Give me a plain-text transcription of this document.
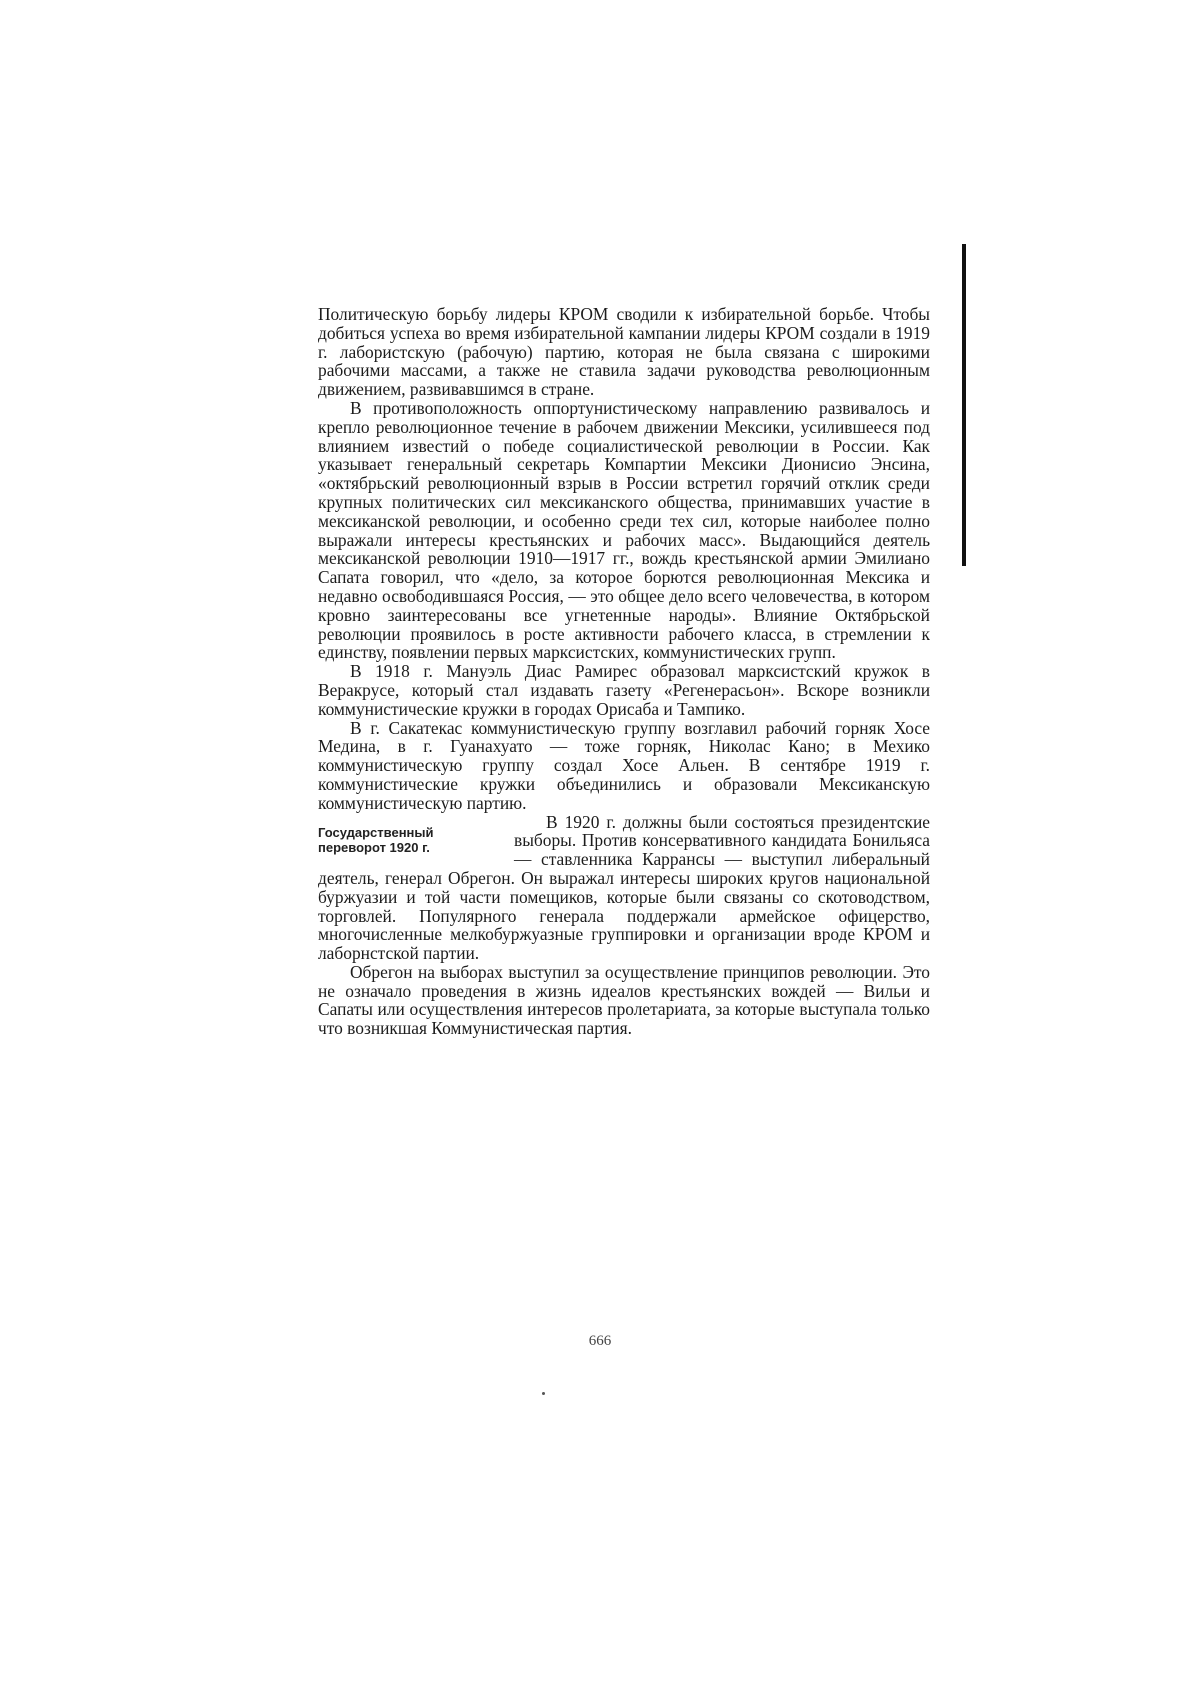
Политическую борьбу лидеры КРОМ сводили к избирательной борьбе. Чтобы добиться успеха во время избирательной кампании лидеры КРОМ создали в 1919 г. лабористскую (рабочую) партию, которая не была связана с широкими рабочими массами, а также не ставила задачи руководства революционным движением, развивавшимся в стране.

В противоположность оппортунистическому направлению развивалось и крепло революционное течение в рабочем движении Мексики, усилившееся под влиянием известий о победе социалистической революции в России. Как указывает генеральный секретарь Компартии Мексики Дионисио Энсина, «октябрьский революционный взрыв в России встретил горячий отклик среди крупных политических сил мексиканского общества, принимавших участие в мексиканской революции, и особенно среди тех сил, которые наиболее полно выражали интересы крестьянских и рабочих масс». Выдающийся деятель мексиканской революции 1910—1917 гг., вождь крестьянской армии Эмилиано Сапата говорил, что «дело, за которое борются революционная Мексика и недавно освободившаяся Россия, — это общее дело всего человечества, в котором кровно заинтересованы все угнетенные народы». Влияние Октябрьской революции проявилось в росте активности рабочего класса, в стремлении к единству, появлении первых марксистских, коммунистических групп.

В 1918 г. Мануэль Диас Рамирес образовал марксистский кружок в Веракрусе, который стал издавать газету «Регенерасьон». Вскоре возникли коммунистические кружки в городах Орисаба и Тампико.

В г. Сакатекас коммунистическую группу возглавил рабочий горняк Хосе Медина, в г. Гуанахуато — тоже горняк, Николас Кано; в Мехико коммунистическую группу создал Хосе Альен. В сентябре 1919 г. коммунистические кружки объединились и образовали Мексиканскую коммунистическую партию.

Государственный
переворот 1920 г.

В 1920 г. должны были состояться президентские выборы. Против консервативного кандидата Бонильяса — ставленника Каррансы — выступил либеральный деятель, генерал Обрегон. Он выражал интересы широких кругов национальной буржуазии и той части помещиков, которые были связаны со скотоводством, торговлей. Популярного генерала поддержали армейское офицерство, многочисленные мелкобуржуазные группировки и организации вроде КРОМ и лаборнстской партии.

Обрегон на выборах выступил за осуществление принципов революции. Это не означало проведения в жизнь идеалов крестьянских вождей — Вильи и Сапаты или осуществления интересов пролетариата, за которые выступала только что возникшая Коммунистическая партия.

666
